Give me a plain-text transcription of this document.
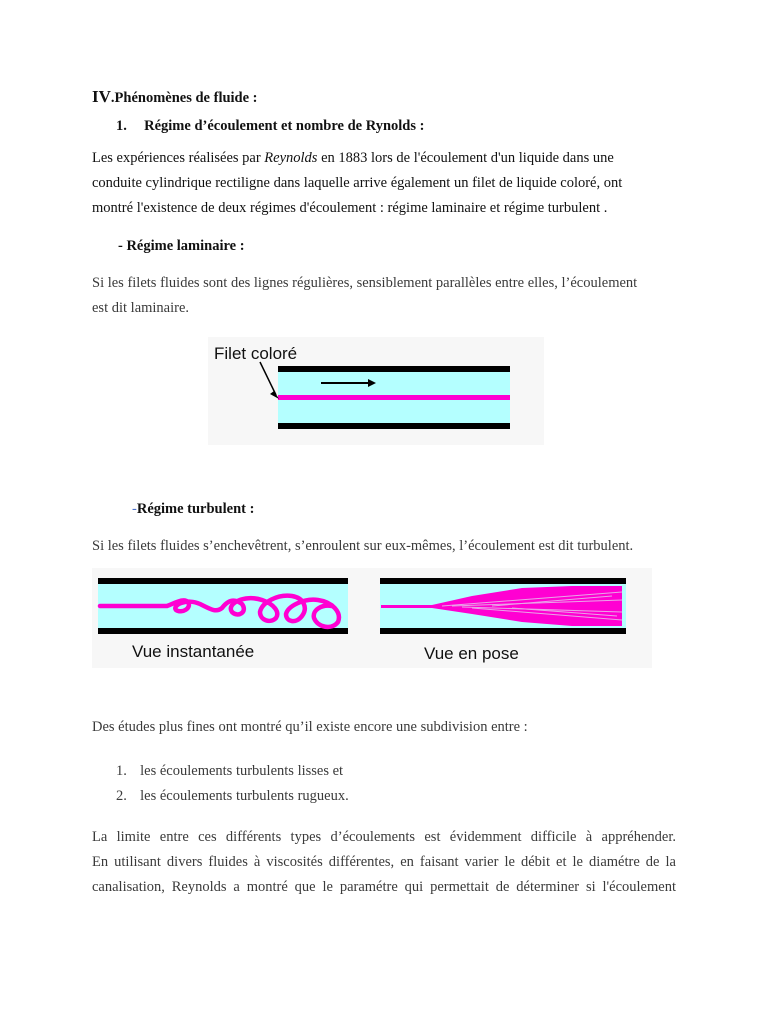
IV.Phénomènes de fluide :
1. Régime d’écoulement et nombre de Rynolds :
Les expériences réalisées par Reynolds en 1883 lors de l'écoulement d'un liquide dans une
conduite cylindrique rectiligne dans laquelle arrive également un filet de liquide coloré, ont
montré l'existence de deux régimes d'écoulement : régime laminaire et régime turbulent .
- Régime laminaire :
Si les filets fluides sont des lignes régulières, sensiblement parallèles entre elles, l’écoulement
est dit laminaire.
Filet coloré
-Régime turbulent :
Si les filets fluides s’enchevêtrent, s’enroulent sur eux-mêmes, l’écoulement est dit turbulent.
Vue instantanée	Vue en pose
Des études plus fines ont montré qu’il existe encore une subdivision entre :
1. les écoulements turbulents lisses et
2. les écoulements turbulents rugueux.
La limite entre ces différents types d’écoulements est évidemment difficile à appréhender.
En utilisant divers fluides à viscosités différentes, en faisant varier le débit et le diamétre de la
canalisation, Reynolds a montré que le paramétre qui permettait de déterminer si l'écoulement
